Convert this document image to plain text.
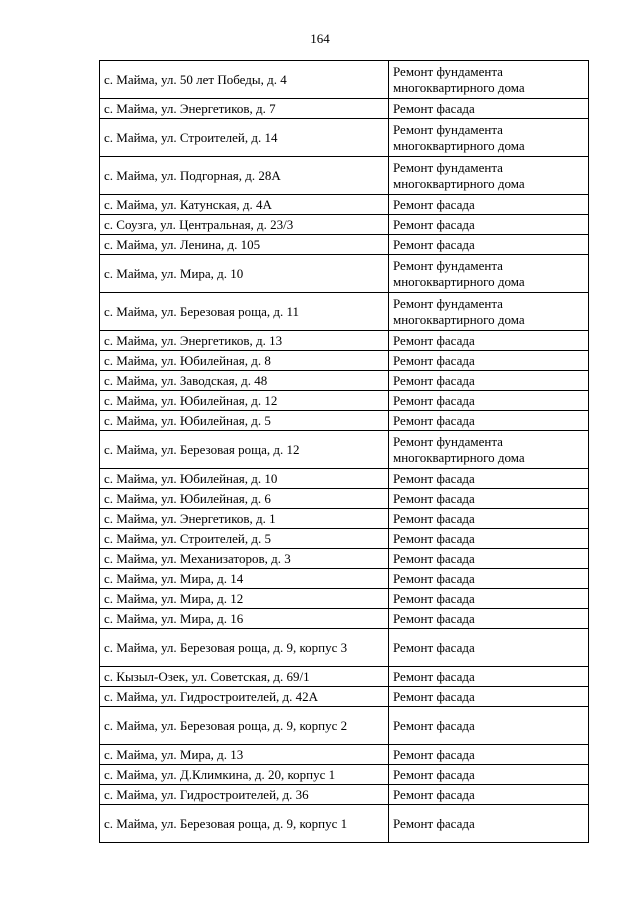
164
с. Майма, ул. 50 лет Победы, д. 4	Ремонт фундамента многоквартирного дома
с. Майма, ул. Энергетиков, д. 7	Ремонт фасада
с. Майма, ул. Строителей, д. 14	Ремонт фундамента многоквартирного дома
с. Майма, ул. Подгорная, д. 28А	Ремонт фундамента многоквартирного дома
с. Майма, ул. Катунская, д. 4А	Ремонт фасада
с. Соузга, ул. Центральная, д. 23/3	Ремонт фасада
с. Майма, ул. Ленина, д. 105	Ремонт фасада
с. Майма, ул. Мира, д. 10	Ремонт фундамента многоквартирного дома
с. Майма, ул. Березовая роща, д. 11	Ремонт фундамента многоквартирного дома
с. Майма, ул. Энергетиков, д. 13	Ремонт фасада
с. Майма, ул. Юбилейная, д. 8	Ремонт фасада
с. Майма, ул. Заводская, д. 48	Ремонт фасада
с. Майма, ул. Юбилейная, д. 12	Ремонт фасада
с. Майма, ул. Юбилейная, д. 5	Ремонт фасада
с. Майма, ул. Березовая роща, д. 12	Ремонт фундамента многоквартирного дома
с. Майма, ул. Юбилейная, д. 10	Ремонт фасада
с. Майма, ул. Юбилейная, д. 6	Ремонт фасада
с. Майма, ул. Энергетиков, д. 1	Ремонт фасада
с. Майма, ул. Строителей, д. 5	Ремонт фасада
с. Майма, ул. Механизаторов, д. 3	Ремонт фасада
с. Майма, ул. Мира, д. 14	Ремонт фасада
с. Майма, ул. Мира, д. 12	Ремонт фасада
с. Майма, ул. Мира, д. 16	Ремонт фасада
с. Майма, ул. Березовая роща, д. 9, корпус 3	Ремонт фасада
с. Кызыл-Озек, ул. Советская, д. 69/1	Ремонт фасада
с. Майма, ул. Гидростроителей, д. 42А	Ремонт фасада
с. Майма, ул. Березовая роща, д. 9, корпус 2	Ремонт фасада
с. Майма, ул. Мира, д. 13	Ремонт фасада
с. Майма, ул. Д.Климкина, д. 20, корпус 1	Ремонт фасада
с. Майма, ул. Гидростроителей, д. 36	Ремонт фасада
с. Майма, ул. Березовая роща, д. 9, корпус 1	Ремонт фасада
